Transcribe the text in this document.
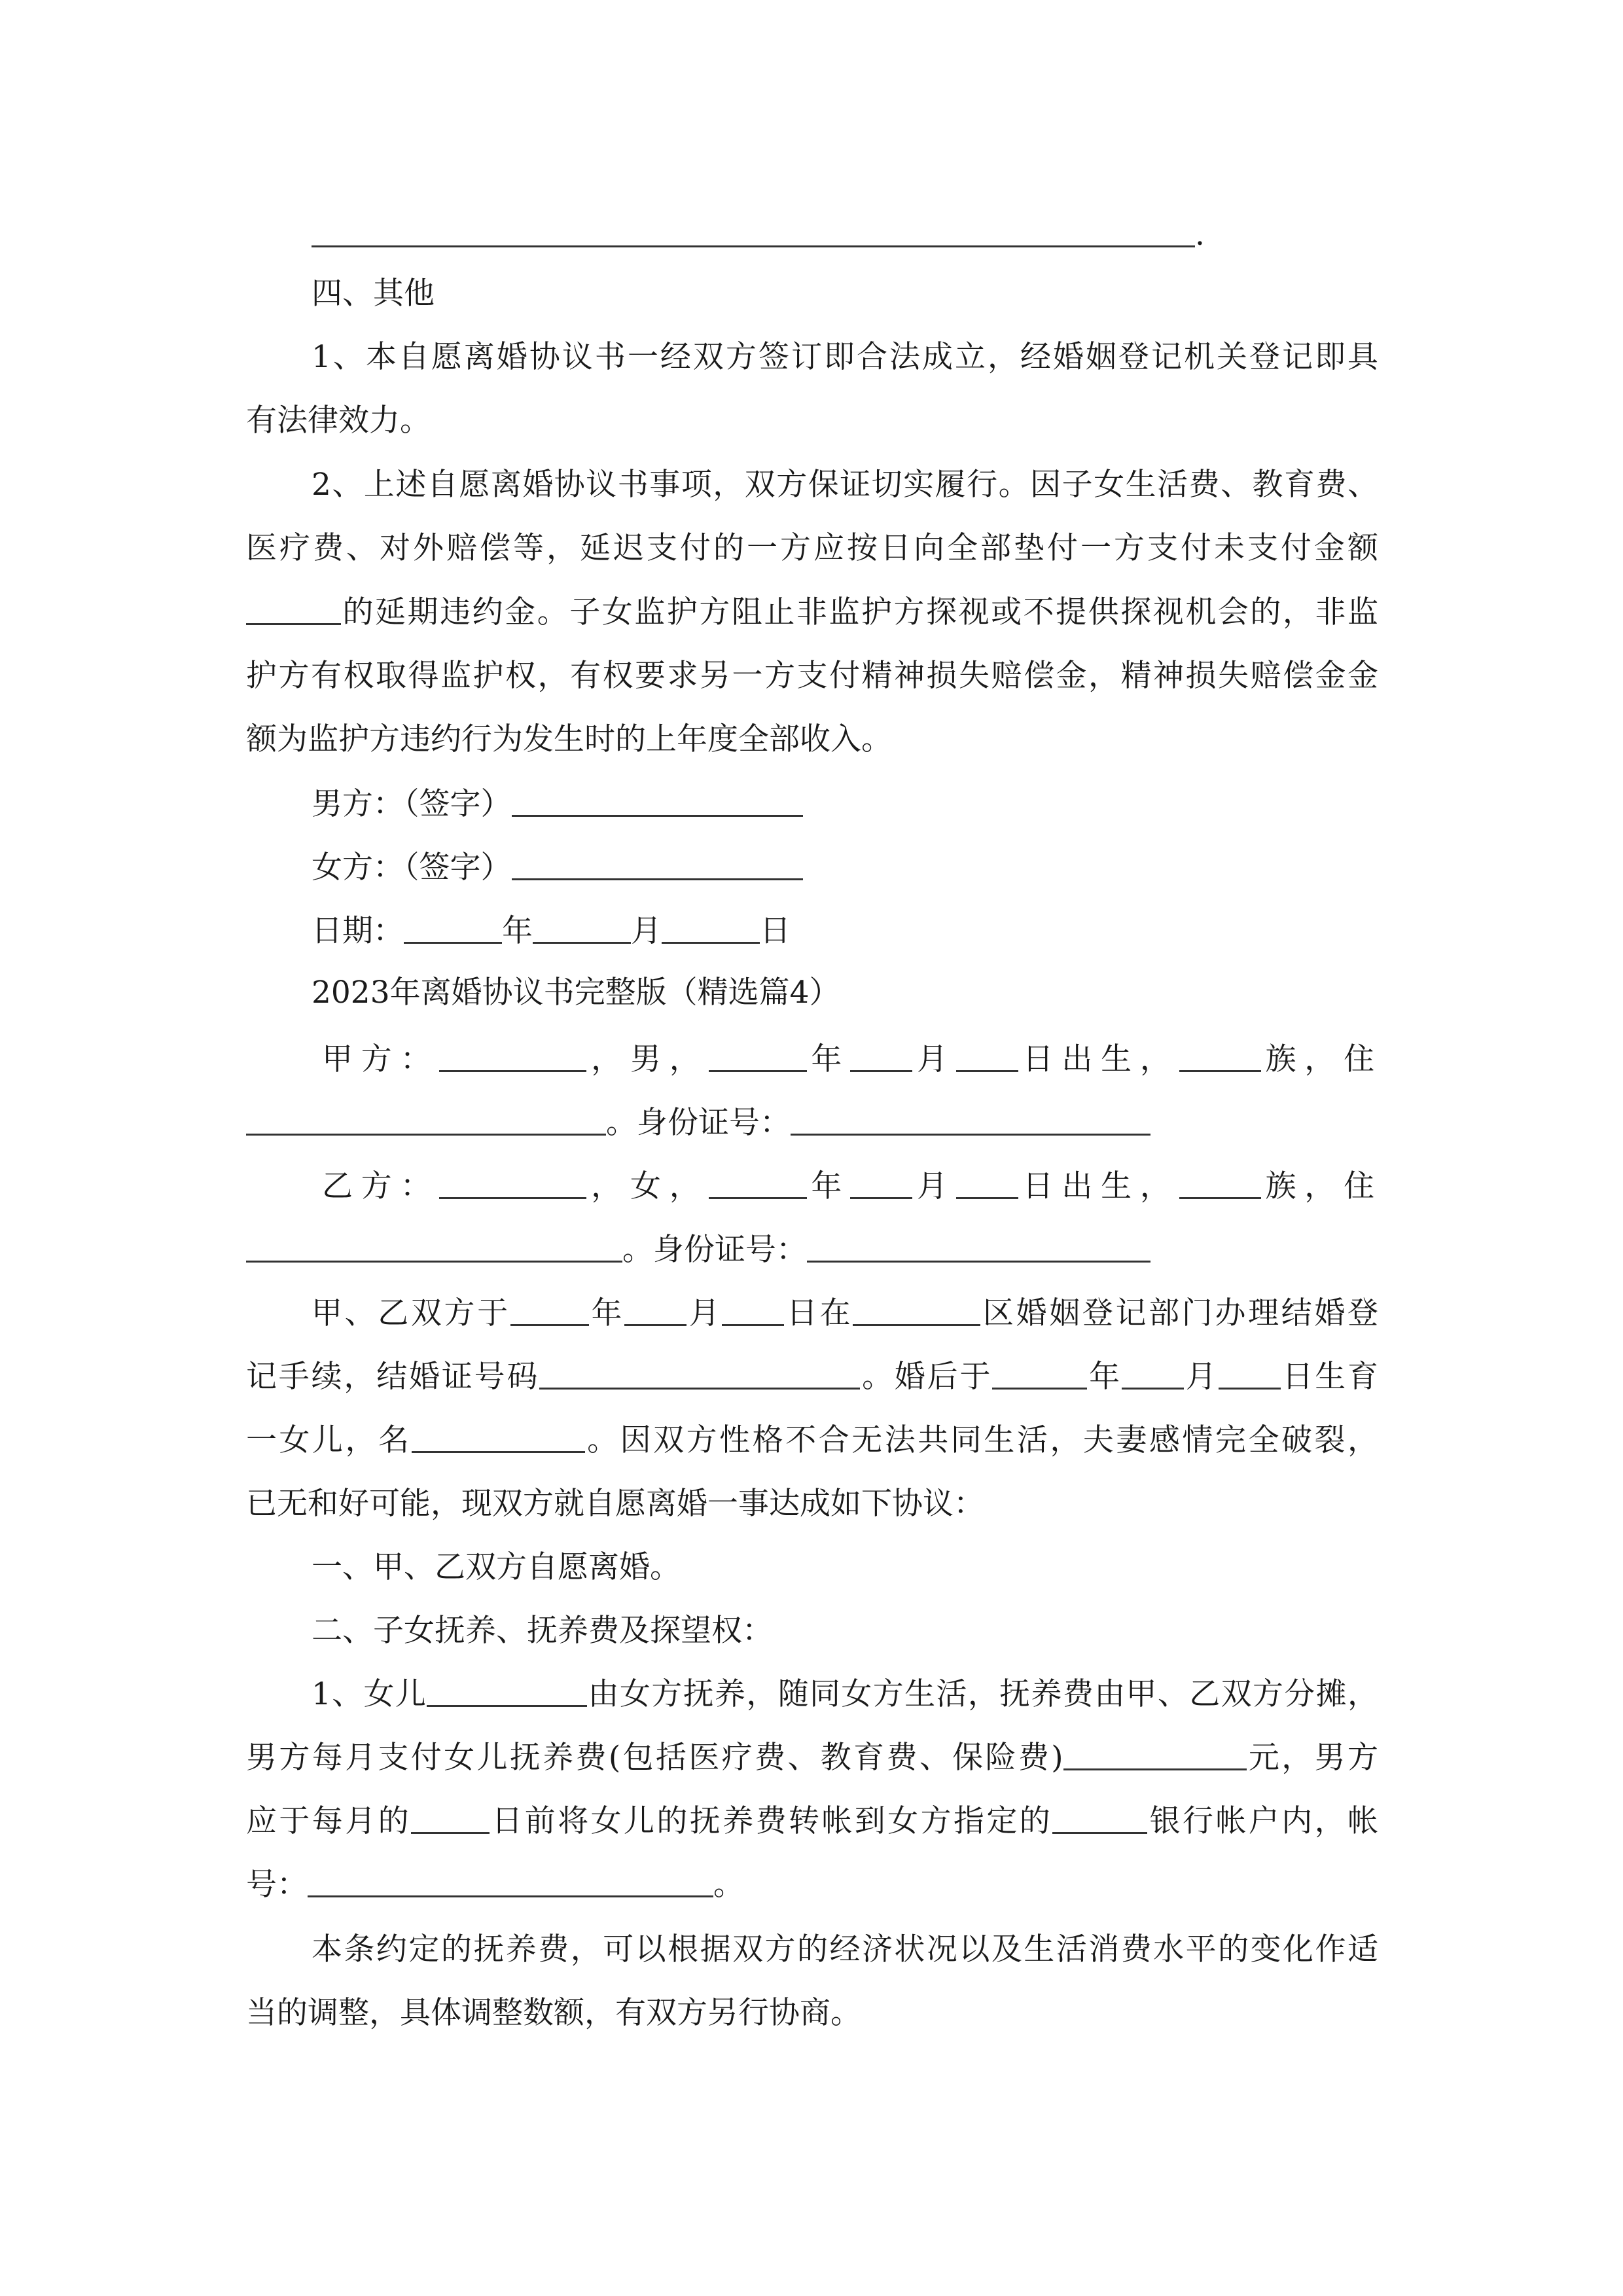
.
四、其他
1、本自愿离婚协议书一经双方签订即合法成立，经婚姻登记机关登记即具
有法律效力。
2、上述自愿离婚协议书事项，双方保证切实履行。因子女生活费、教育费、
医疗费、对外赔偿等，延迟支付的一方应按日向全部垫付一方支付未支付金额
的延期违约金。子女监护方阻止非监护方探视或不提供探视机会的，非监
护方有权取得监护权，有权要求另一方支付精神损失赔偿金，精神损失赔偿金金
额为监护方违约行为发生时的上年度全部收入。
男方：（签字）
女方：（签字）
日期：	年	月	日
2023年离婚协议书完整版（精选篇4）
甲方：	，男，	年 月 日出生，	族，住
。身份证号：
乙方：	，女，	年 月 日出生，	族，住
。身份证号：
甲、乙双方于	年 月 日在	区婚姻登记部门办理结婚登
记手续，结婚证号码	。婚后于	年 月 日生育
一女儿，名	。因双方性格不合无法共同生活，夫妻感情完全破裂，
已无和好可能，现双方就自愿离婚一事达成如下协议：
一、甲、乙双方自愿离婚。
二、子女抚养、抚养费及探望权：
1、女儿	由女方抚养，随同女方生活，抚养费由甲、乙双方分摊，
男方每月支付女儿抚养费(包括医疗费、教育费、保险费)	元，男方
应于每月的	日前将女儿的抚养费转帐到女方指定的	银行帐户内，帐
号：	。
本条约定的抚养费，可以根据双方的经济状况以及生活消费水平的变化作适
当的调整，具体调整数额，有双方另行协商。
